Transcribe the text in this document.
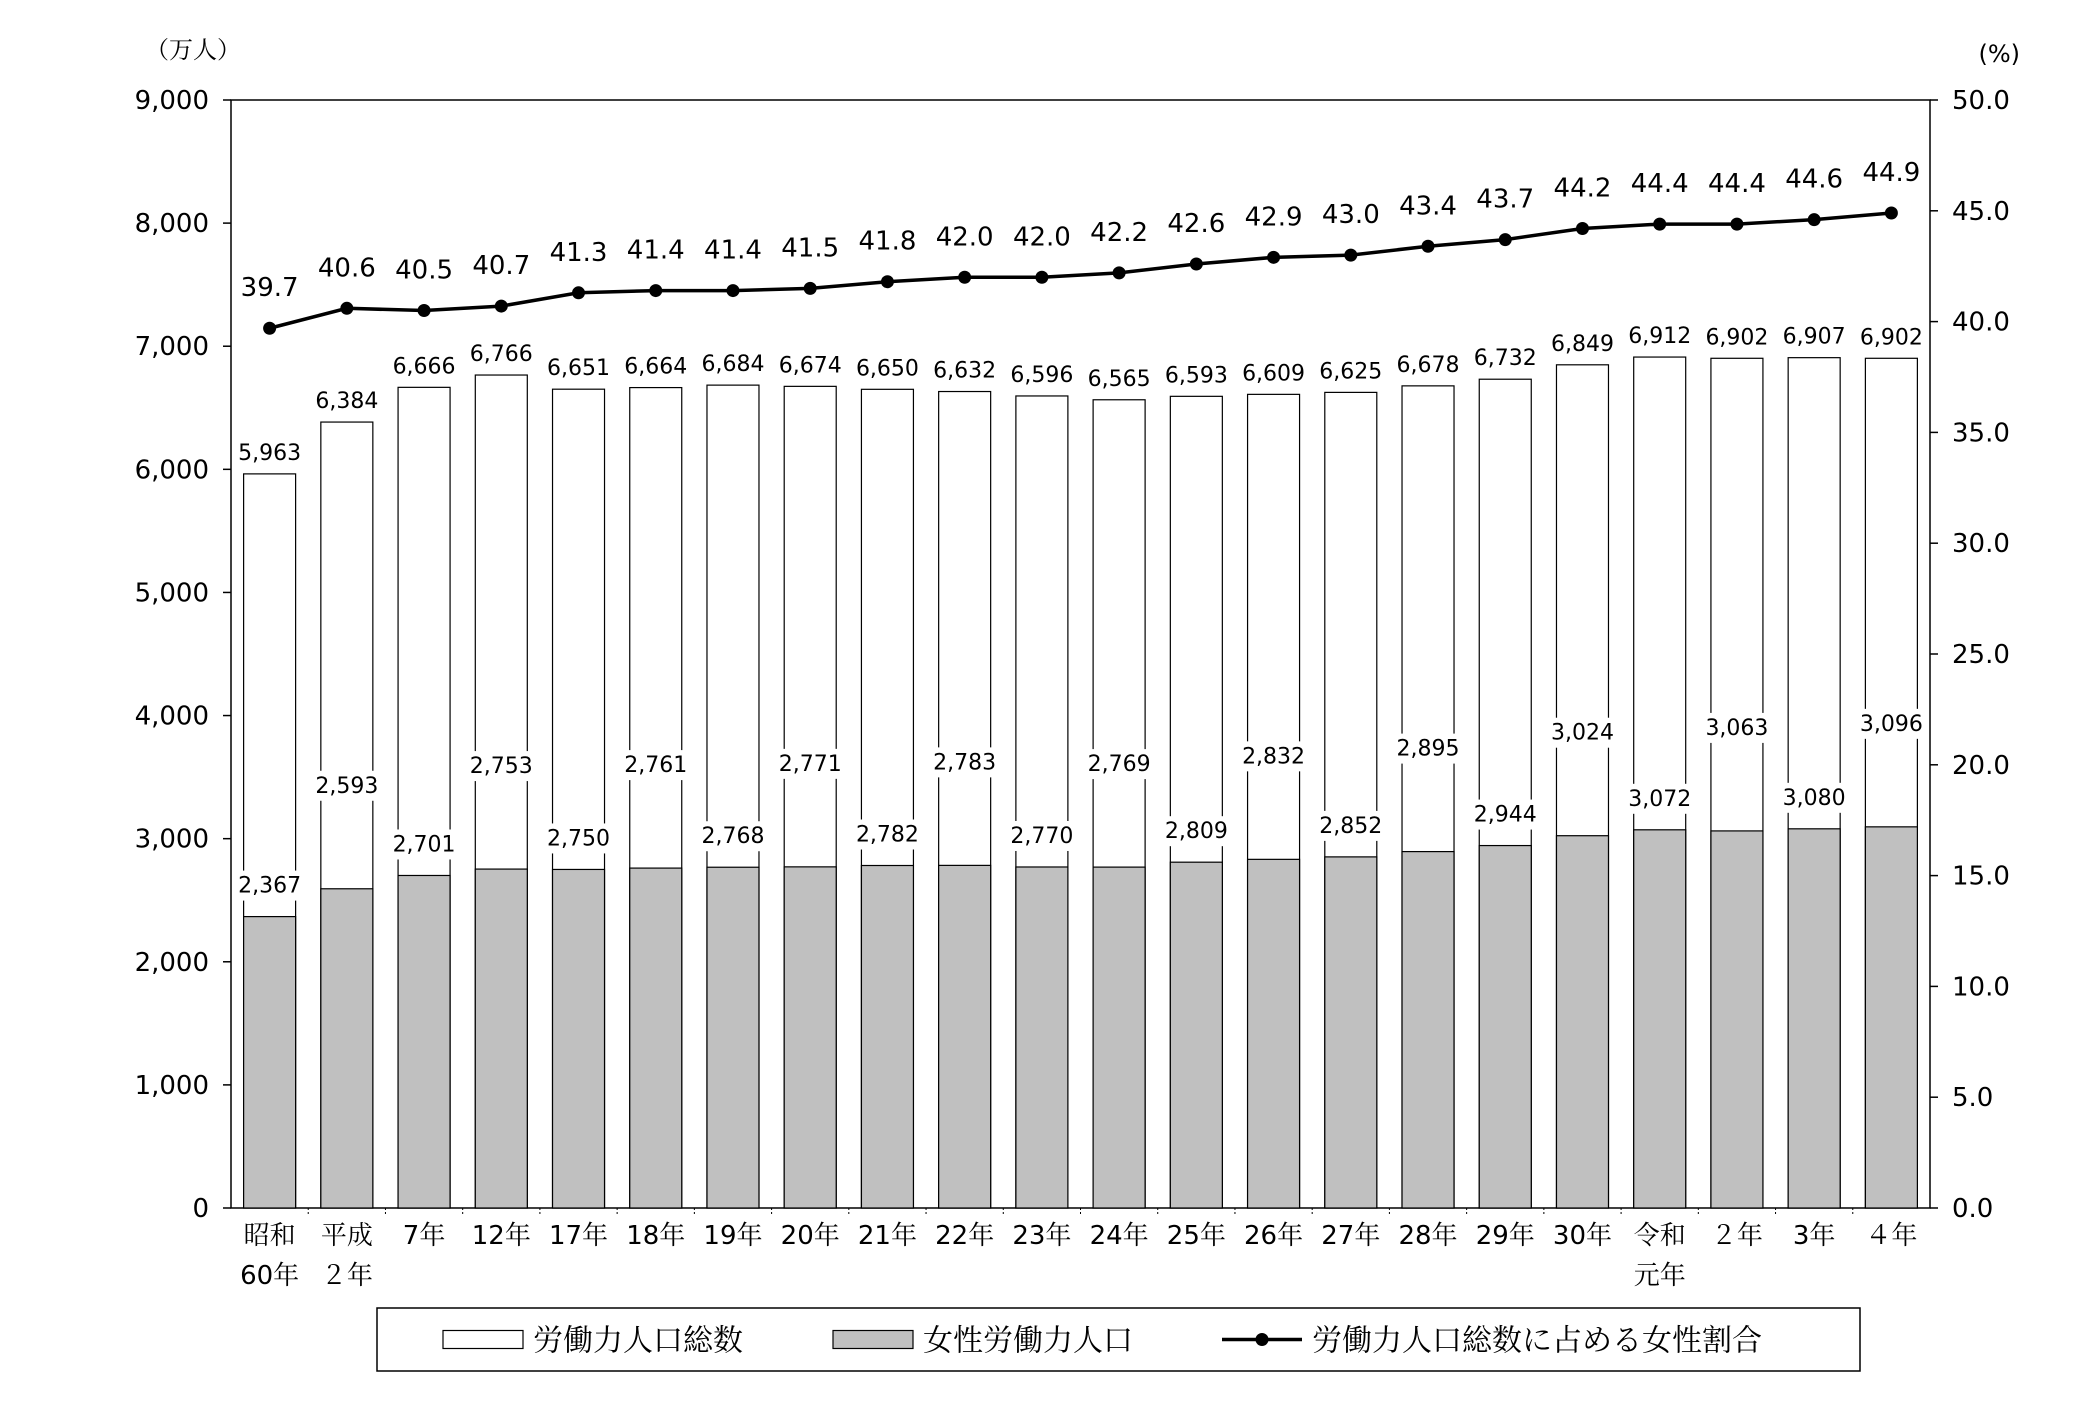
0
1,000
2,000
3,000
4,000
5,000
6,000
7,000
8,000
9,000
0.0
5.0
10.0
15.0
20.0
25.0
30.0
35.0
40.0
45.0
50.0
（万人）	(%)
昭和
60年
平成
２年
7年 12年 17年 18年 19年 20年 21年 22年 23年 24年 25年 26年 27年 28年 29年 30年 令和
元年
２年 3年 ４年
39.7
40.6 40.5 40.7 41.3 41.4 41.4 41.5 41.8 42.0 42.0 42.2 42.6 42.9 43.0 43.4 43.7 44.2 44.4 44.4 44.6 44.9
5,963
6,384
6,666 6,766
6,651 6,664 6,684 6,674 6,650 6,632 6,596 6,565 6,593 6,609 6,625 6,678 6,732
6,849 6,912 6,902 6,907 6,902
2,367
2,593
2,701
2,753
2,750
2,761
2,768
2,771
2,782
2,783
2,770
2,769
2,809
2,832
2,852
2,895
2,944
3,024
3,072
3,063
3,080
3,096
労働力人口総数	女性労働力人口	労働力人口総数に占める女性割合
